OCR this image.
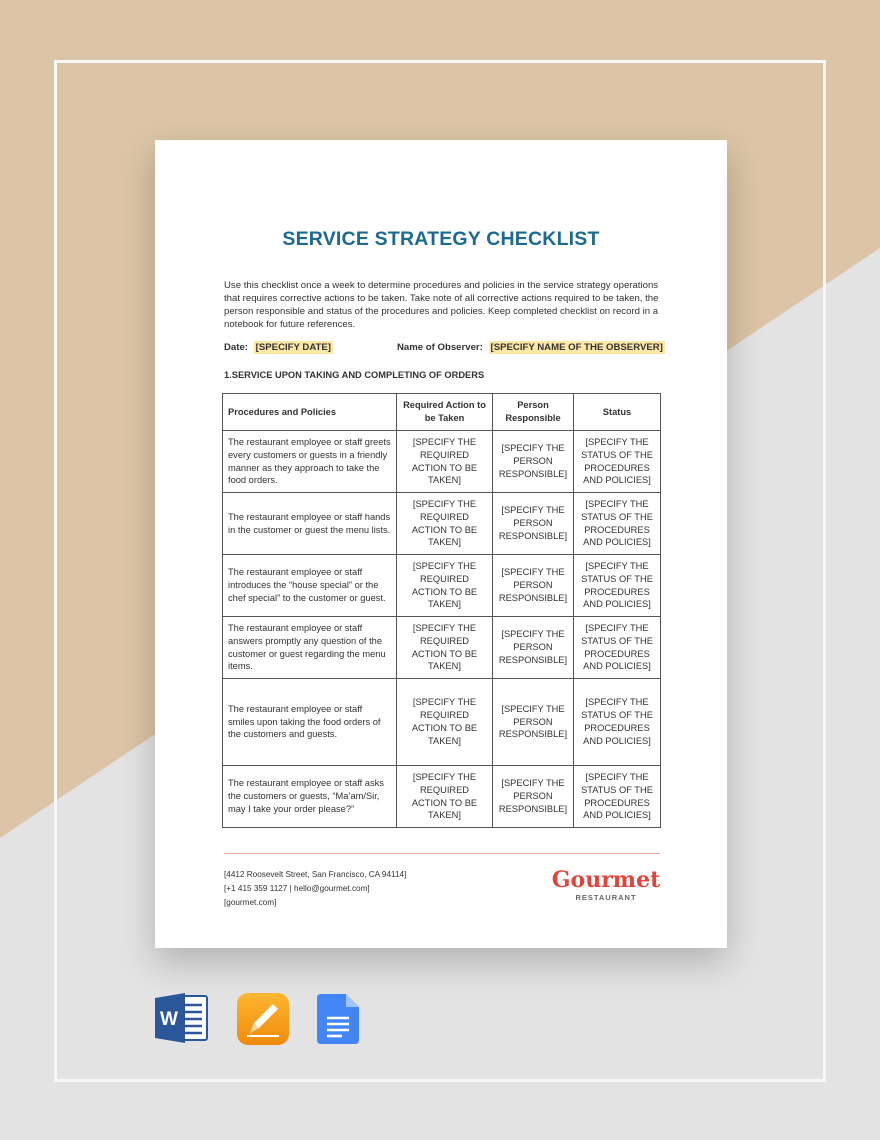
SERVICE STRATEGY CHECKLIST
Use this checklist once a week to determine procedures and policies in the service strategy operations that requires corrective actions to be taken. Take note of all corrective actions required to be taken, the person responsible and status of the procedures and policies. Keep completed checklist on record in a notebook for future references.
Date: [SPECIFY DATE]	Name of Observer: [SPECIFY NAME OF THE OBSERVER]
1.SERVICE UPON TAKING AND COMPLETING OF ORDERS
Procedures and Policies	Required Action to be Taken	Person Responsible	Status
The restaurant employee or staff greets every customers or guests in a friendly manner as they approach to take the food orders.	[SPECIFY THE REQUIRED ACTION TO BE TAKEN]	[SPECIFY THE PERSON RESPONSIBLE]	[SPECIFY THE STATUS OF THE PROCEDURES AND POLICIES]
The restaurant employee or staff hands in the customer or guest the menu lists.	[SPECIFY THE REQUIRED ACTION TO BE TAKEN]	[SPECIFY THE PERSON RESPONSIBLE]	[SPECIFY THE STATUS OF THE PROCEDURES AND POLICIES]
The restaurant employee or staff introduces the “house special” or the chef special” to the customer or guest.	[SPECIFY THE REQUIRED ACTION TO BE TAKEN]	[SPECIFY THE PERSON RESPONSIBLE]	[SPECIFY THE STATUS OF THE PROCEDURES AND POLICIES]
The restaurant employee or staff answers promptly any question of the customer or guest regarding the menu items.	[SPECIFY THE REQUIRED ACTION TO BE TAKEN]	[SPECIFY THE PERSON RESPONSIBLE]	[SPECIFY THE STATUS OF THE PROCEDURES AND POLICIES]
The restaurant employee or staff smiles upon taking the food orders of the customers and guests.	[SPECIFY THE REQUIRED ACTION TO BE TAKEN]	[SPECIFY THE PERSON RESPONSIBLE]	[SPECIFY THE STATUS OF THE PROCEDURES AND POLICIES]
The restaurant employee or staff asks the customers or guests, “Ma’am/Sir, may I take your order please?”	[SPECIFY THE REQUIRED ACTION TO BE TAKEN]	[SPECIFY THE PERSON RESPONSIBLE]	[SPECIFY THE STATUS OF THE PROCEDURES AND POLICIES]
[4412 Roosevelt Street, San Francisco, CA 94114]
[+1 415 359 1127 | hello@gourmet.com]
[gourmet.com]
Gourmet
RESTAURANT
W
